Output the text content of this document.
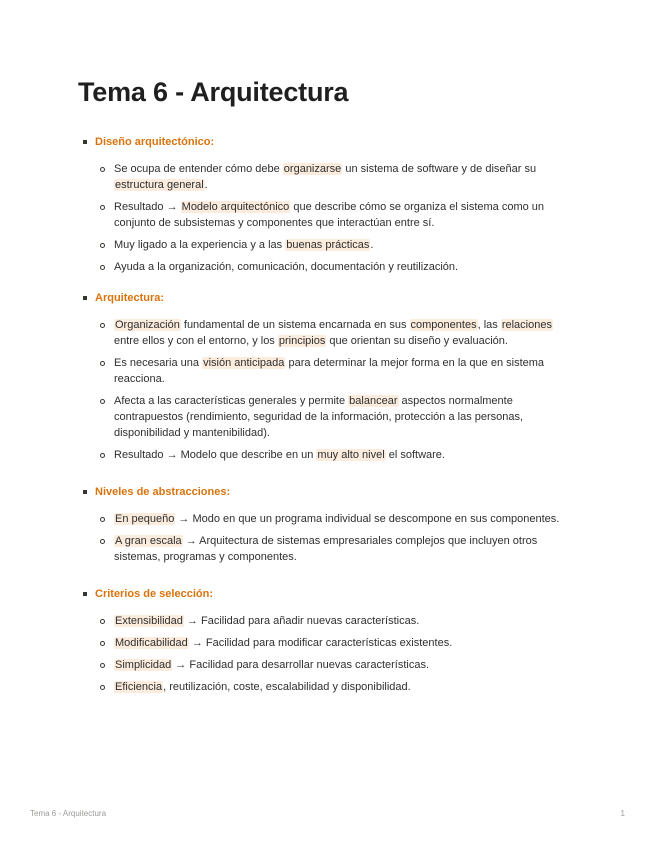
Tema 6 - Arquitectura
Diseño arquitectónico:
Se ocupa de entender cómo debe organizarse un sistema de software y de diseñar su estructura general.
Resultado → Modelo arquitectónico que describe cómo se organiza el sistema como un conjunto de subsistemas y componentes que interactúan entre sí.
Muy ligado a la experiencia y a las buenas prácticas.
Ayuda a la organización, comunicación, documentación y reutilización.
Arquitectura:
Organización fundamental de un sistema encarnada en sus componentes, las relaciones entre ellos y con el entorno, y los principios que orientan su diseño y evaluación.
Es necesaria una visión anticipada para determinar la mejor forma en la que en sistema reacciona.
Afecta a las características generales y permite balancear aspectos normalmente contrapuestos (rendimiento, seguridad de la información, protección a las personas, disponibilidad y mantenibilidad).
Resultado → Modelo que describe en un muy alto nivel el software.
Niveles de abstracciones:
En pequeño → Modo en que un programa individual se descompone en sus componentes.
A gran escala → Arquitectura de sistemas empresariales complejos que incluyen otros sistemas, programas y componentes.
Criterios de selección:
Extensibilidad → Facilidad para añadir nuevas características.
Modificabilidad → Facilidad para modificar características existentes.
Simplicidad → Facilidad para desarrollar nuevas características.
Eficiencia, reutilización, coste, escalabilidad y disponibilidad.
Tema 6 - Arquitectura	1
